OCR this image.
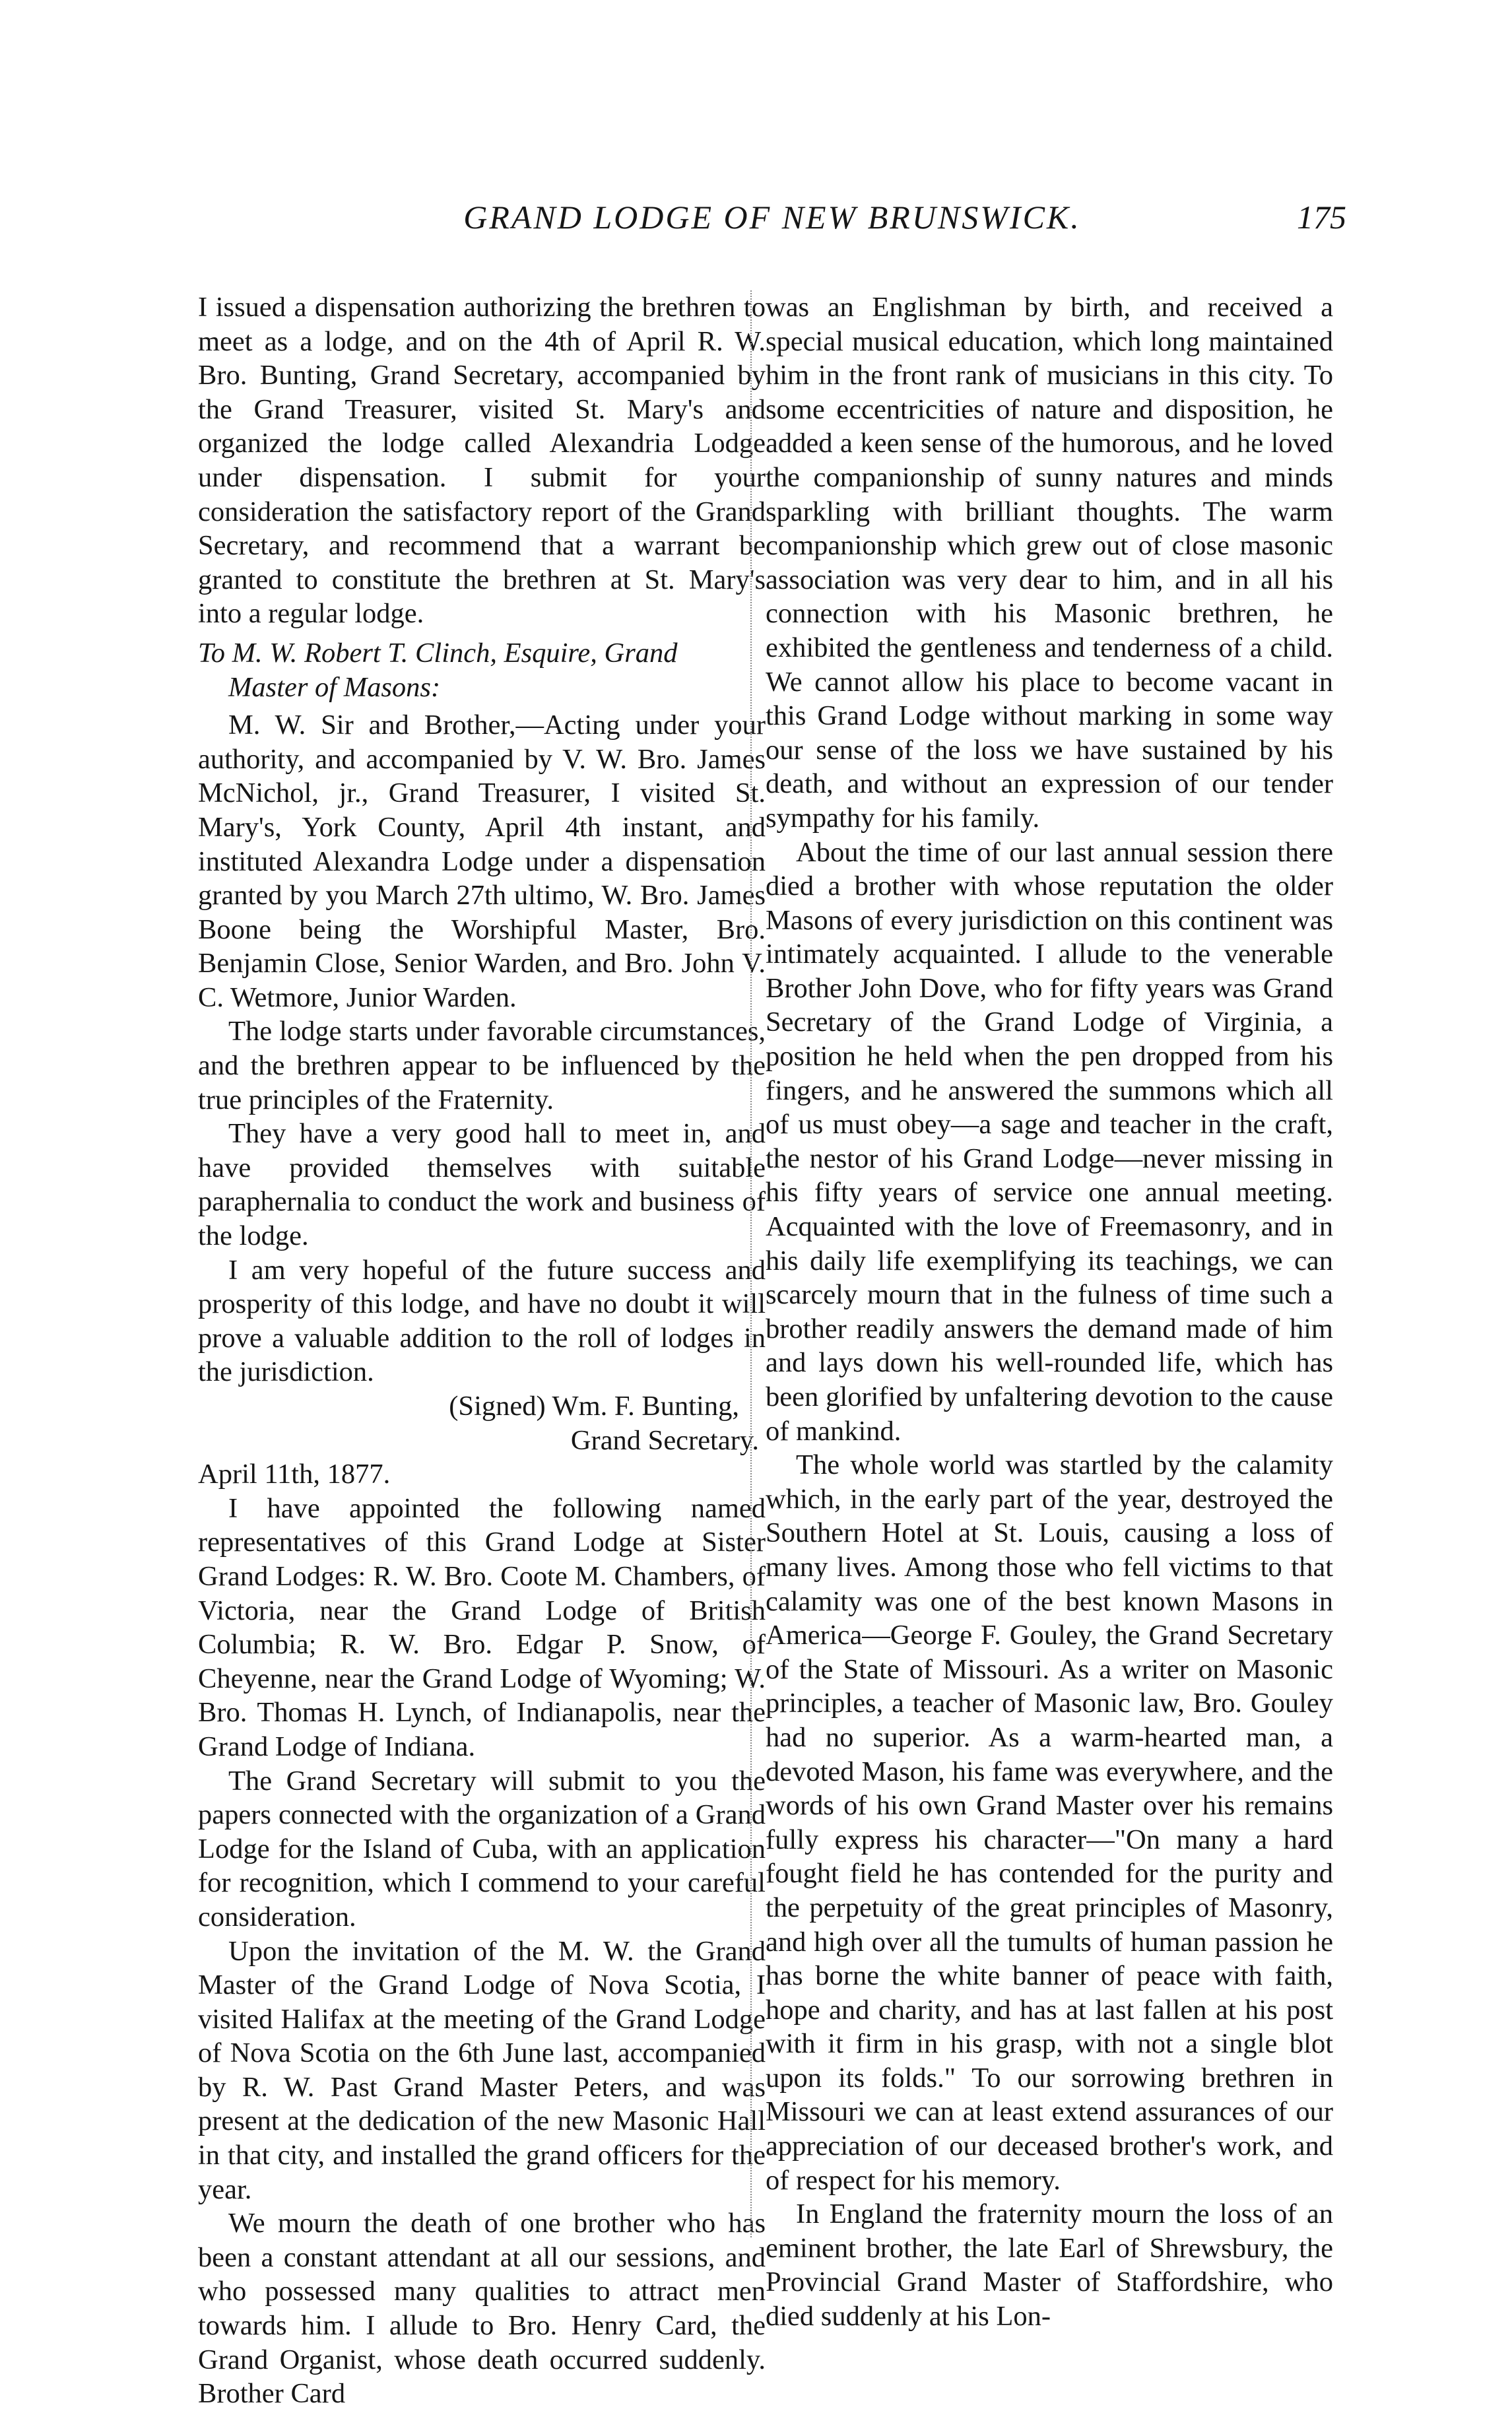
GRAND LODGE OF NEW BRUNSWICK.	175

I issued a dispensation authorizing the brethren to meet as a lodge, and on the 4th of April R. W. Bro. Bunting, Grand Secretary, accompanied by the Grand Treasurer, visited St. Mary's and organized the lodge called Alexandria Lodge under dispensation. I submit for your consideration the satisfactory report of the Grand Secretary, and recommend that a warrant be granted to constitute the brethren at St. Mary's into a regular lodge.

To M. W. Robert T. Clinch, Esquire, Grand
Master of Masons:

M. W. Sir and Brother,—Acting under your authority, and accompanied by V. W. Bro. James McNichol, jr., Grand Treasurer, I visited St. Mary's, York County, April 4th instant, and instituted Alexandra Lodge under a dispensation granted by you March 27th ultimo, W. Bro. James Boone being the Worshipful Master, Bro. Benjamin Close, Senior Warden, and Bro. John V. C. Wetmore, Junior Warden.

The lodge starts under favorable circumstances, and the brethren appear to be influenced by the true principles of the Fraternity.

They have a very good hall to meet in, and have provided themselves with suitable paraphernalia to conduct the work and business of the lodge.

I am very hopeful of the future success and prosperity of this lodge, and have no doubt it will prove a valuable addition to the roll of lodges in the jurisdiction.

(Signed) Wm. F. Bunting,
Grand Secretary.

April 11th, 1877.

I have appointed the following named representatives of this Grand Lodge at Sister Grand Lodges: R. W. Bro. Coote M. Chambers, of Victoria, near the Grand Lodge of British Columbia; R. W. Bro. Edgar P. Snow, of Cheyenne, near the Grand Lodge of Wyoming; W. Bro. Thomas H. Lynch, of Indianapolis, near the Grand Lodge of Indiana.

The Grand Secretary will submit to you the papers connected with the organization of a Grand Lodge for the Island of Cuba, with an application for recognition, which I commend to your careful consideration.

Upon the invitation of the M. W. the Grand Master of the Grand Lodge of Nova Scotia, I visited Halifax at the meeting of the Grand Lodge of Nova Scotia on the 6th June last, accompanied by R. W. Past Grand Master Peters, and was present at the dedication of the new Masonic Hall in that city, and installed the grand officers for the year.

We mourn the death of one brother who has been a constant attendant at all our sessions, and who possessed many qualities to attract men towards him. I allude to Bro. Henry Card, the Grand Organist, whose death occurred suddenly. Brother Card

was an Englishman by birth, and received a special musical education, which long maintained him in the front rank of musicians in this city. To some eccentricities of nature and disposition, he added a keen sense of the humorous, and he loved the companionship of sunny natures and minds sparkling with brilliant thoughts. The warm companionship which grew out of close masonic association was very dear to him, and in all his connection with his Masonic brethren, he exhibited the gentleness and tenderness of a child. We cannot allow his place to become vacant in this Grand Lodge without marking in some way our sense of the loss we have sustained by his death, and without an expression of our tender sympathy for his family.

About the time of our last annual session there died a brother with whose reputation the older Masons of every jurisdiction on this continent was intimately acquainted. I allude to the venerable Brother John Dove, who for fifty years was Grand Secretary of the Grand Lodge of Virginia, a position he held when the pen dropped from his fingers, and he answered the summons which all of us must obey—a sage and teacher in the craft, the nestor of his Grand Lodge—never missing in his fifty years of service one annual meeting. Acquainted with the love of Freemasonry, and in his daily life exemplifying its teachings, we can scarcely mourn that in the fulness of time such a brother readily answers the demand made of him and lays down his well-rounded life, which has been glorified by unfaltering devotion to the cause of mankind.

The whole world was startled by the calamity which, in the early part of the year, destroyed the Southern Hotel at St. Louis, causing a loss of many lives. Among those who fell victims to that calamity was one of the best known Masons in America—George F. Gouley, the Grand Secretary of the State of Missouri. As a writer on Masonic principles, a teacher of Masonic law, Bro. Gouley had no superior. As a warm-hearted man, a devoted Mason, his fame was everywhere, and the words of his own Grand Master over his remains fully express his character—"On many a hard fought field he has contended for the purity and the perpetuity of the great principles of Masonry, and high over all the tumults of human passion he has borne the white banner of peace with faith, hope and charity, and has at last fallen at his post with it firm in his grasp, with not a single blot upon its folds." To our sorrowing brethren in Missouri we can at least extend assurances of our appreciation of our deceased brother's work, and of respect for his memory.

In England the fraternity mourn the loss of an eminent brother, the late Earl of Shrewsbury, the Provincial Grand Master of Staffordshire, who died suddenly at his Lon-
